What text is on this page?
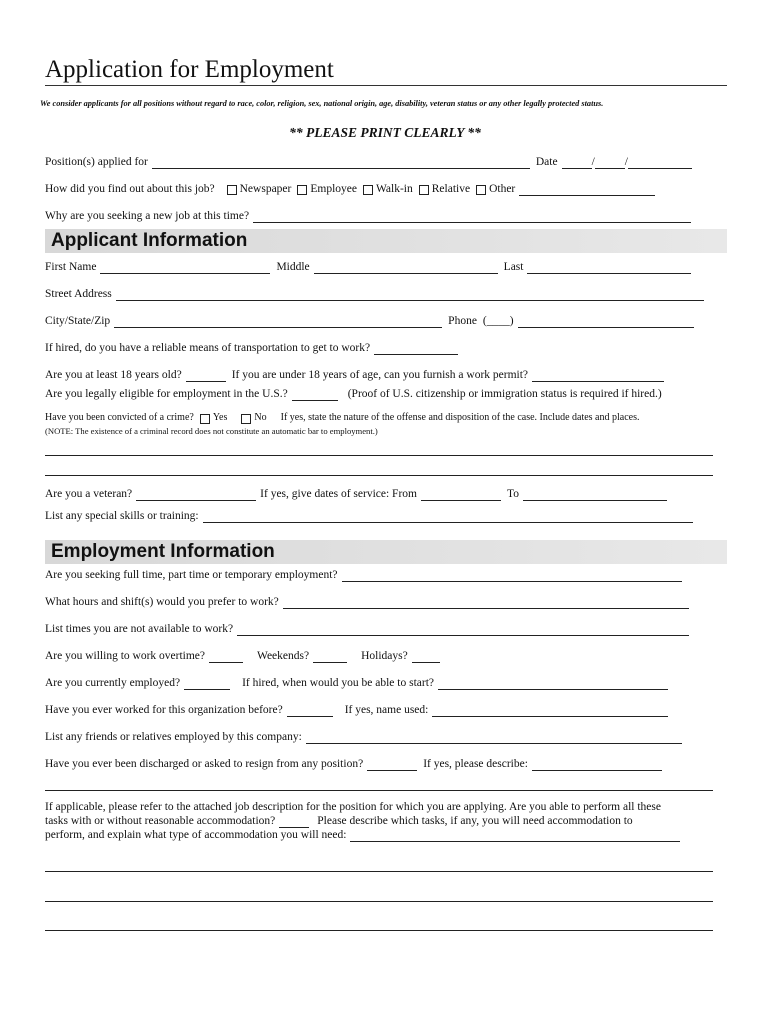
Application for Employment
We consider applicants for all positions without regard to race, color, religion, sex, national origin, age, disability, veteran status or any other legally protected status.
** PLEASE PRINT CLEARLY **
Position(s) applied for	Date	/	/
How did you find out about this job? Newspaper Employee Walk-in Relative Other
Why are you seeking a new job at this time?
Applicant Information
First Name	Middle	Last
Street Address
City/State/Zip	Phone (____)
If hired, do you have a reliable means of transportation to get to work?
Are you at least 18 years old?	If you are under 18 years of age, can you furnish a work permit?
Are you legally eligible for employment in the U.S.?	(Proof of U.S. citizenship or immigration status is required if hired.)
Have you been convicted of a crime? Yes	No If yes, state the nature of the offense and disposition of the case. Include dates and places.
(NOTE: The existence of a criminal record does not constitute an automatic bar to employment.)
Are you a veteran?	If yes, give dates of service: From	To
List any special skills or training:
Employment Information
Are you seeking full time, part time or temporary employment?
What hours and shift(s) would you prefer to work?
List times you are not available to work?
Are you willing to work overtime?	Weekends?	Holidays?
Are you currently employed?	If hired, when would you be able to start?
Have you ever worked for this organization before?	If yes, name used:
List any friends or relatives employed by this company:
Have you ever been discharged or asked to resign from any position?	If yes, please describe:
If applicable, please refer to the attached job description for the position for which you are applying. Are you able to perform all these
tasks with or without reasonable accommodation?	Please describe which tasks, if any, you will need accommodation to
perform, and explain what type of accommodation you will need:
